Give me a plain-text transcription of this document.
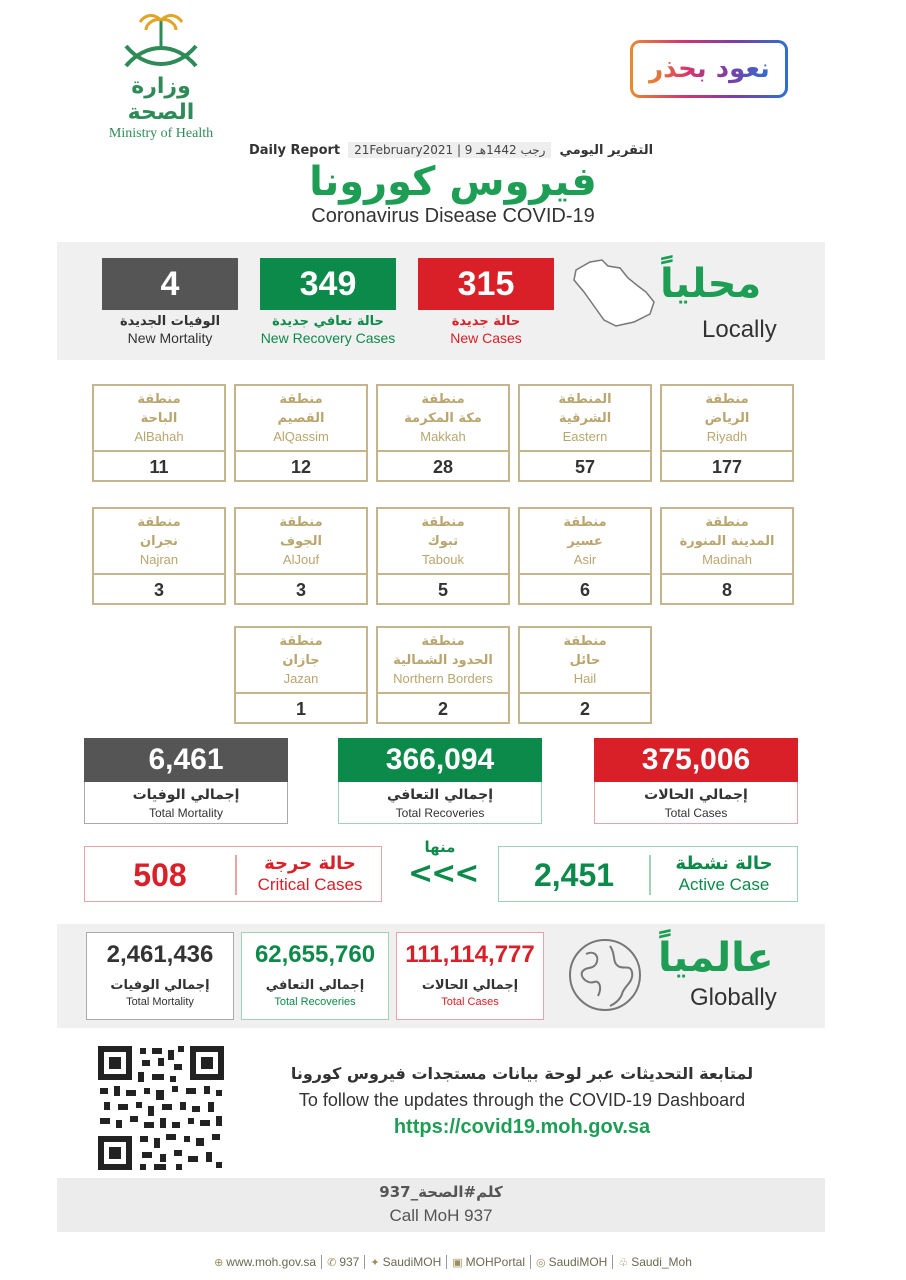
وزارة الصحة
Ministry of Health
نعود بحذر
Daily Report	21February2021 | 9 رجب 1442هـ	التقرير اليومي
فيروس كورونا
Coronavirus Disease COVID-19
4
الوفيات الجديدة
New Mortality
349
حالة تعافي جديدة
New Recovery Cases
315
حالة جديدة
New Cases
محلياً
Locally
منطقة
الرياض
Riyadh
177
المنطقة
الشرقية
Eastern
57
منطقة
مكة المكرمة
Makkah
28
منطقة
القصيم
AlQassim
12
منطقة
الباحة
AlBahah
11
منطقة
المدينة المنورة
Madinah
8
منطقة
عسير
Asir
6
منطقة
تبوك
Tabouk
5
منطقة
الجوف
AlJouf
3
منطقة
نجران
Najran
3
منطقة
حائل
Hail
2
منطقة
الحدود الشمالية
Northern Borders
2
منطقة
جازان
Jazan
1
375,006
إجمالي الحالات
Total Cases
366,094
إجمالي التعافي
Total Recoveries
6,461
إجمالي الوفيات
Total Mortality
508	حالة حرجة
Critical Cases
منها
<<<	2,451	حالة نشطة
Active Case
111,114,777
إجمالي الحالات
Total Cases
62,655,760
إجمالي التعافي
Total Recoveries
2,461,436
إجمالي الوفيات
Total Mortality
عالمياً
Globally
لمتابعة التحديثات عبر لوحة بيانات مستجدات فيروس كورونا
To follow the updates through the COVID-19 Dashboard
https://covid19.moh.gov.sa
كلم#الصحة_937
Call MoH 937
⊕ www.moh.gov.sa ✆ 937 ✦ SaudiMOH ▣ MOHPortal ◎ SaudiMOH ♧ Saudi_Moh
